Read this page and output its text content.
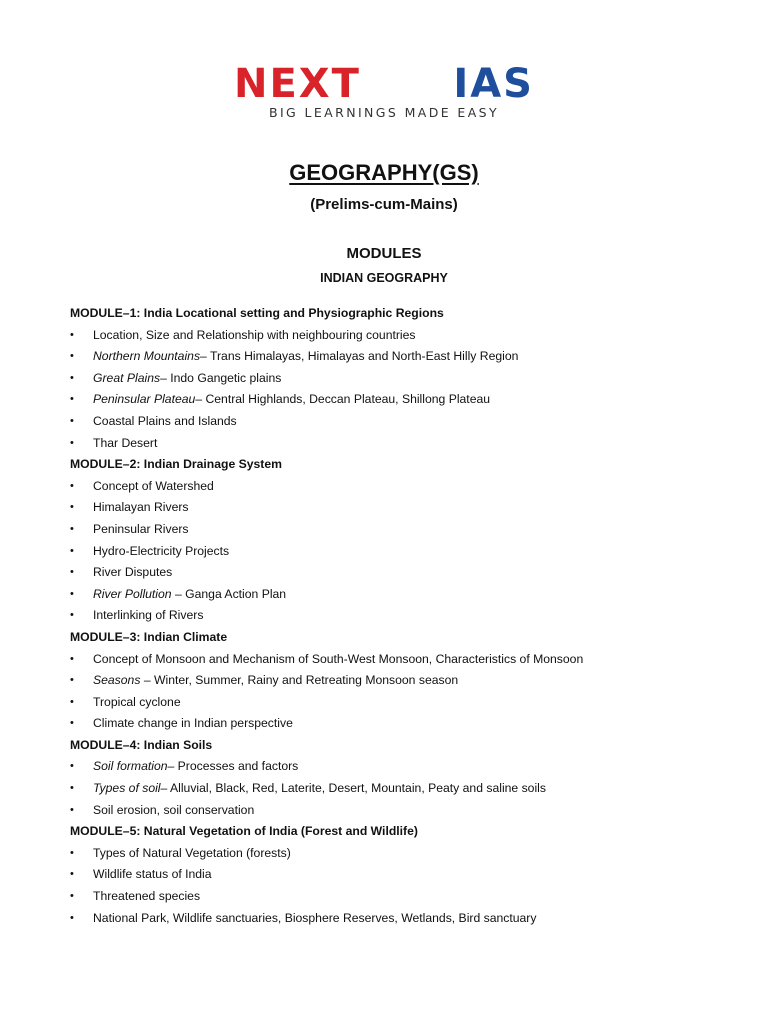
NEXT IAS
BIG LEARNINGS MADE EASY
GEOGRAPHY(GS)
(Prelims-cum-Mains)
MODULES
INDIAN GEOGRAPHY
MODULE–1: India Locational setting and Physiographic Regions
•	Location, Size and Relationship with neighbouring countries
•	Northern Mountains– Trans Himalayas, Himalayas and North-East Hilly Region
•	Great Plains– Indo Gangetic plains
•	Peninsular Plateau– Central Highlands, Deccan Plateau, Shillong Plateau
•	Coastal Plains and Islands
•	Thar Desert
MODULE–2: Indian Drainage System
•	Concept of Watershed
•	Himalayan Rivers
•	Peninsular Rivers
•	Hydro-Electricity Projects
•	River Disputes
•	River Pollution – Ganga Action Plan
•	Interlinking of Rivers
MODULE–3: Indian Climate
•	Concept of Monsoon and Mechanism of South-West Monsoon, Characteristics of Monsoon
•	Seasons – Winter, Summer, Rainy and Retreating Monsoon season
•	Tropical cyclone
•	Climate change in Indian perspective
MODULE–4: Indian Soils
•	Soil formation– Processes and factors
•	Types of soil– Alluvial, Black, Red, Laterite, Desert, Mountain, Peaty and saline soils
•	Soil erosion, soil conservation
MODULE–5: Natural Vegetation of India (Forest and Wildlife)
•	Types of Natural Vegetation (forests)
•	Wildlife status of India
•	Threatened species
•	National Park, Wildlife sanctuaries, Biosphere Reserves, Wetlands, Bird sanctuary
